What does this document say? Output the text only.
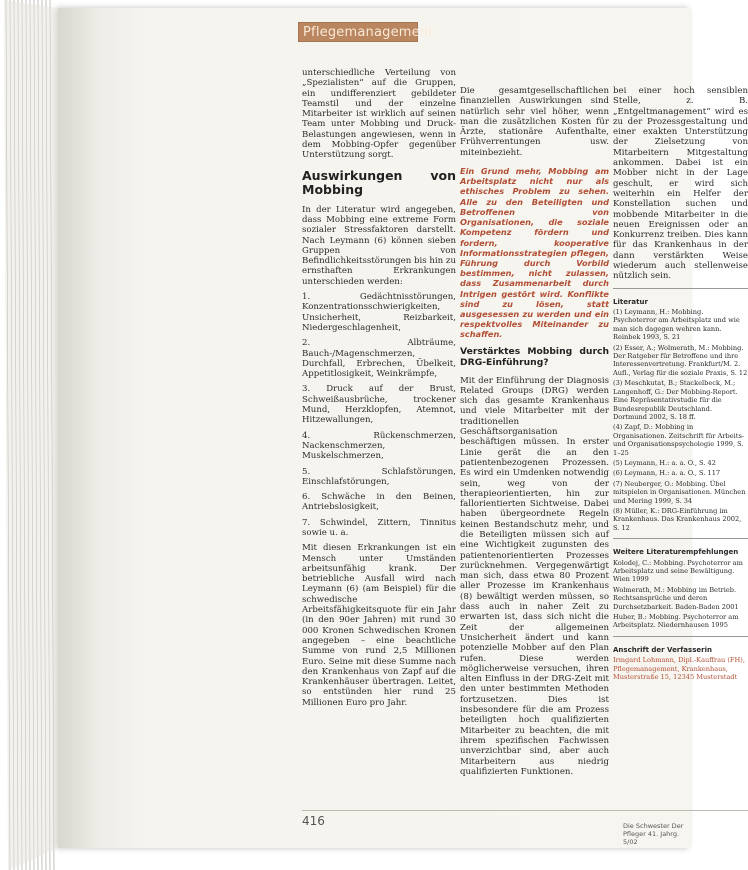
Pflegemanagement

unterschiedliche Verteilung von „Spezialisten“ auf die Gruppen, ein undifferenziert gebildeter Teamstil und der einzelne Mitarbeiter ist wirklich auf seinen Team unter Mobbing und Druck-Belastungen angewiesen, wenn in dem Mobbing-Opfer gegenüber Unterstützung sorgt.

Auswirkungen von Mobbing

In der Literatur wird angegeben, dass Mobbing eine extreme Form sozialer Stressfaktoren darstellt. Nach Leymann (6) können sieben Gruppen von Befindlichkeitsstörungen bis hin zu ernsthaften Erkrankungen unterschieden werden:

1. Gedächtnisstörungen, Konzentrationsschwierigkeiten, Unsicherheit, Reizbarkeit, Niedergeschlagenheit,

2. Albträume, Bauch-/Magenschmerzen, Durchfall, Erbrechen, Übelkeit, Appetitlosigkeit, Weinkrämpfe,

3. Druck auf der Brust, Schweißausbrüche, trockener Mund, Herzklopfen, Atemnot, Hitzewallungen,

4. Rückenschmerzen, Nackenschmerzen, Muskelschmerzen,

5. Schlafstörungen, Einschlafstörungen,

6. Schwäche in den Beinen, Antriebslosigkeit,

7. Schwindel, Zittern, Tinnitus sowie u. a.

Mit diesen Erkrankungen ist ein Mensch unter Umständen arbeitsunfähig krank. Der betriebliche Ausfall wird nach Leymann (6) (am Beispiel) für die schwedische Arbeitsfähigkeitsquote für ein Jahr (in den 90er Jahren) mit rund 30 000 Kronen Schwedischen Kronen angegeben – eine beachtliche Summe von rund 2,5 Millionen Euro. Seine mit diese Summe nach den Krankenhaus von Zapf auf die Krankenhäuser übertragen. Leitet, so entstünden hier rund 25 Millionen Euro pro Jahr.

Die gesamtgesellschaftlichen finanziellen Auswirkungen sind natürlich sehr viel höher, wenn man die zusätzlichen Kosten für Ärzte, stationäre Aufenthalte, Frühverrentungen usw. miteinbezieht.

Ein Grund mehr, Mobbing am Arbeitsplatz nicht nur als ethisches Problem zu sehen. Alle zu den Beteiligten und Betroffenen von Organisationen, die soziale Kompetenz fördern und fordern, kooperative Informationsstrategien pflegen, Führung durch Vorbild bestimmen, nicht zulassen, dass Zusammenarbeit durch Intrigen gestört wird. Konflikte sind zu lösen, statt ausgesessen zu werden und ein respektvolles Miteinander zu schaffen.

Verstärktes Mobbing durch DRG-Einführung?

Mit der Einführung der Diagnosis Related Groups (DRG) werden sich das gesamte Krankenhaus und viele Mitarbeiter mit der traditionellen Geschäftsorganisation beschäftigen müssen. In erster Linie gerät die an den patientenbezogenen Prozessen. Es wird ein Umdenken notwendig sein, weg von der therapieorientierten, hin zur fallorientierten Sichtweise. Dabei haben übergeordnete Regeln keinen Bestandschutz mehr, und die Beteiligten müssen sich auf eine Wichtigkeit zugunsten des patientenorientierten Prozesses zurücknehmen. Vergegenwärtigt man sich, dass etwa 80 Prozent aller Prozesse im Krankenhaus (8) bewältigt werden müssen, so dass auch in naher Zeit zu erwarten ist, dass sich nicht die Zeit der allgemeinen Unsicherheit ändert und kann potenzielle Mobber auf den Plan rufen. Diese werden möglicherweise versuchen, ihren alten Einfluss in der DRG-Zeit mit den unter bestimmten Methoden fortzusetzen. Dies ist insbesondere für die am Prozess beteiligten hoch qualifizierten Mitarbeiter zu beachten, die mit ihrem spezifischen Fachwissen unverzichtbar sind, aber auch Mitarbeitern aus niedrig qualifizierten Funktionen.

bei einer hoch sensiblen Stelle, z. B. „Entgeltmanagement“ wird es zu der Prozessgestaltung und einer exakten Unterstützung der Zielsetzung von Mitarbeitern Mitgestaltung ankommen. Dabei ist ein Mobber nicht in der Lage geschult, er wird sich weiterhin ein Helfer der Konstellation suchen und mobbende Mitarbeiter in die neuen Ereignissen oder an Konkurrenz treiben. Dies kann für das Krankenhaus in der dann verstärkten Weise wiederum auch stellenweise nützlich sein.

Literatur

(1) Leymann, H.: Mobbing. Psychoterror am Arbeitsplatz und wie man sich dagegen wehren kann. Reinbek 1993, S. 21

(2) Esser, A.; Wolmerath, M.: Mobbing. Der Ratgeber für Betroffene und ihre Interessenvertretung. Frankfurt/M. 2. Aufl., Verlag für die soziale Praxis, S. 12

(3) Meschkutat, B.; Stackelbeck, M.; Langenhoff, G.: Der Mobbing-Report. Eine Repräsentativstudie für die Bundesrepublik Deutschland. Dortmund 2002, S. 18 ff.

(4) Zapf, D.: Mobbing in Organisationen. Zeitschrift für Arbeits- und Organisationspsychologie 1999, S. 1–25

(5) Leymann, H.: a. a. O., S. 42

(6) Leymann, H.: a. a. O., S. 117

(7) Neuberger, O.: Mobbing. Übel mitspielen in Organisationen. München und Mering 1999, S. 34

(8) Müller, K.: DRG-Einführung im Krankenhaus. Das Krankenhaus 2002, S. 12

Weitere Literaturempfehlungen

Kolodej, C.: Mobbing. Psychoterror am Arbeitsplatz und seine Bewältigung. Wien 1999

Wolmerath, M.: Mobbing im Betrieb. Rechtsansprüche und deren Durchsetzbarkeit. Baden-Baden 2001

Huber, B.: Mobbing. Psychoterror am Arbeitsplatz. Niedernhausen 1995

Anschrift der Verfasserin

Irmgard Lohmann, Dipl.-Kauffrau (FH), Pflegemanagement, Krankenhaus, Musterstraße 15, 12345 Musterstadt

416	Die Schwester Der Pfleger 41. Jahrg. 5/02
